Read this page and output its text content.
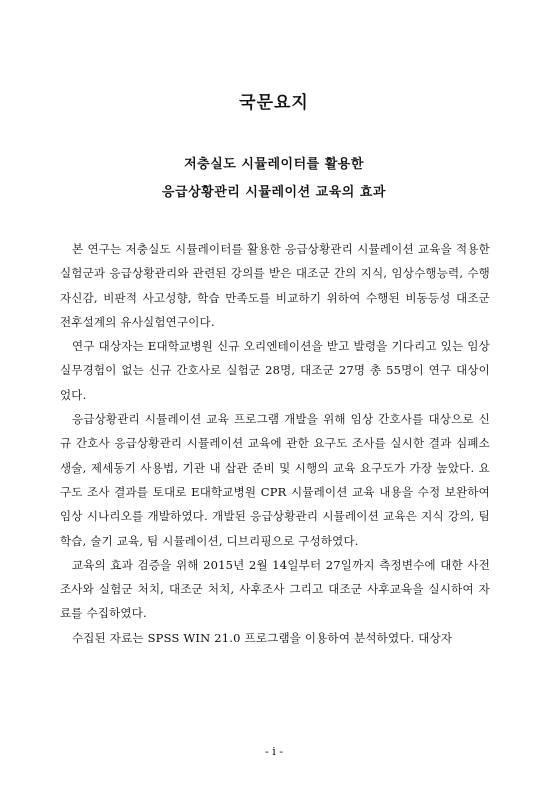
국문요지
저충실도 시뮬레이터를 활용한
응급상황관리 시뮬레이션 교육의 효과

본 연구는 저충실도 시뮬레이터를 활용한 응급상황관리 시뮬레이션 교육을 적용한 실험군과 응급상황관리와 관련된 강의를 받은 대조군 간의 지식, 임상수행능력, 수행 자신감, 비판적 사고성향, 학습 만족도를 비교하기 위하여 수행된 비동등성 대조군 전후설계의 유사실험연구이다.

연구 대상자는 E대학교병원 신규 오리엔테이션을 받고 발령을 기다리고 있는 임상실무경험이 없는 신규 간호사로 실험군 28명, 대조군 27명 총 55명이 연구 대상이었다.

응급상황관리 시뮬레이션 교육 프로그램 개발을 위해 임상 간호사를 대상으로 신규 간호사 응급상황관리 시뮬레이션 교육에 관한 요구도 조사를 실시한 결과 심폐소생술, 제세동기 사용법, 기관 내 삽관 준비 및 시행의 교육 요구도가 가장 높았다. 요구도 조사 결과를 토대로 E대학교병원 CPR 시뮬레이션 교육 내용을 수정 보완하여 임상 시나리오를 개발하였다. 개발된 응급상황관리 시뮬레이션 교육은 지식 강의, 팀 학습, 술기 교육, 팀 시뮬레이션, 디브리핑으로 구성하였다.

교육의 효과 검증을 위해 2015년 2월 14일부터 27일까지 측정변수에 대한 사전조사와 실험군 처치, 대조군 처치, 사후조사 그리고 대조군 사후교육을 실시하여 자료를 수집하였다.

수집된 자료는 SPSS WIN 21.0 프로그램을 이용하여 분석하였다. 대상자

- i -
